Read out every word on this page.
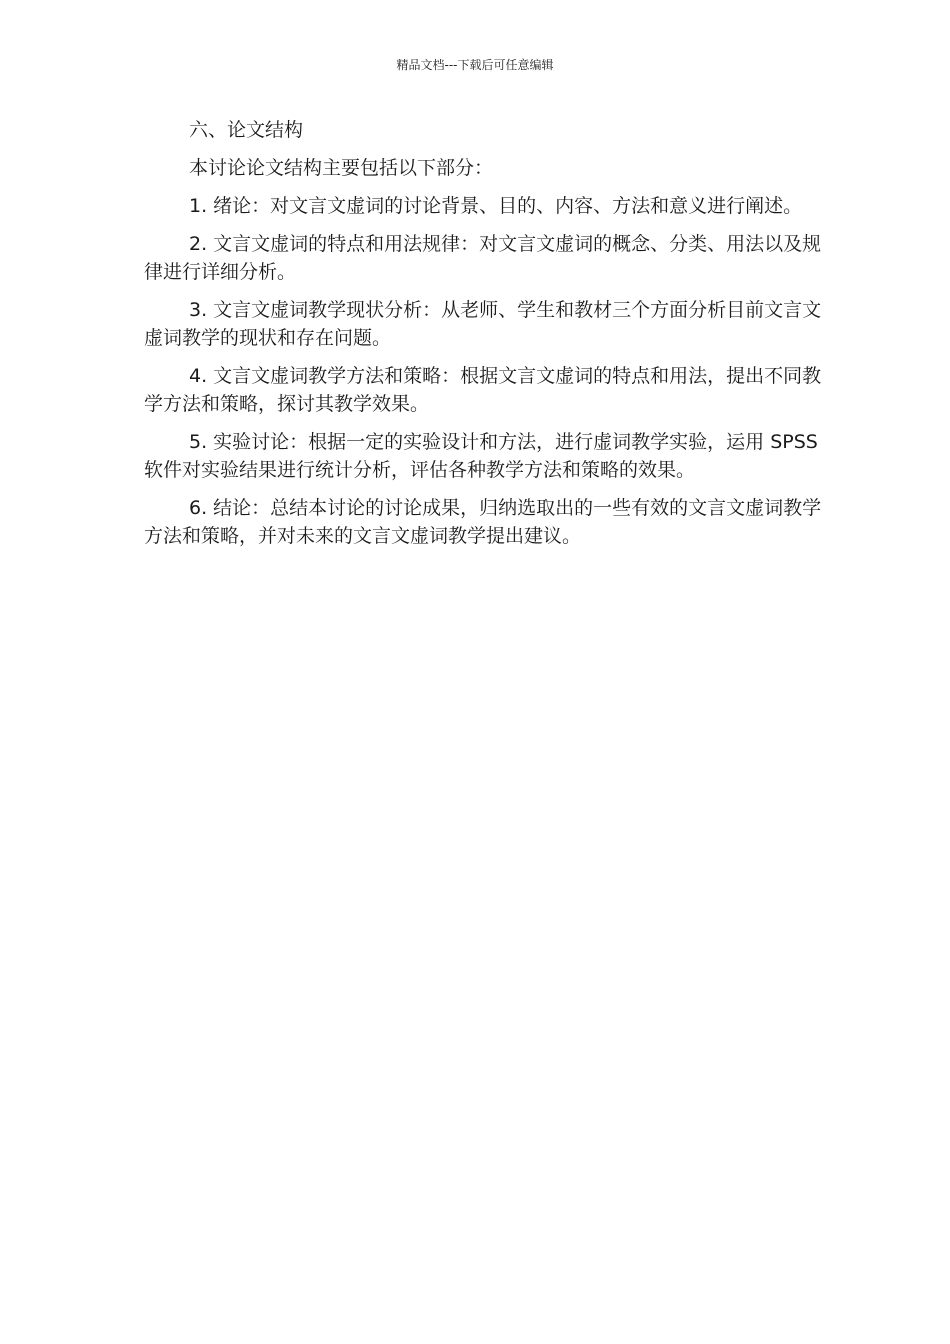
精品文档---下载后可任意编辑

六、论文结构

本讨论论文结构主要包括以下部分：

1. 绪论：对文言文虚词的讨论背景、目的、内容、方法和意义进行阐述。

2. 文言文虚词的特点和用法规律：对文言文虚词的概念、分类、用法以及规律进行详细分析。

3. 文言文虚词教学现状分析：从老师、学生和教材三个方面分析目前文言文虚词教学的现状和存在问题。

4. 文言文虚词教学方法和策略：根据文言文虚词的特点和用法，提出不同教学方法和策略，探讨其教学效果。

5. 实验讨论：根据一定的实验设计和方法，进行虚词教学实验，运用 SPSS 软件对实验结果进行统计分析，评估各种教学方法和策略的效果。

6. 结论：总结本讨论的讨论成果，归纳选取出的一些有效的文言文虚词教学方法和策略，并对未来的文言文虚词教学提出建议。
